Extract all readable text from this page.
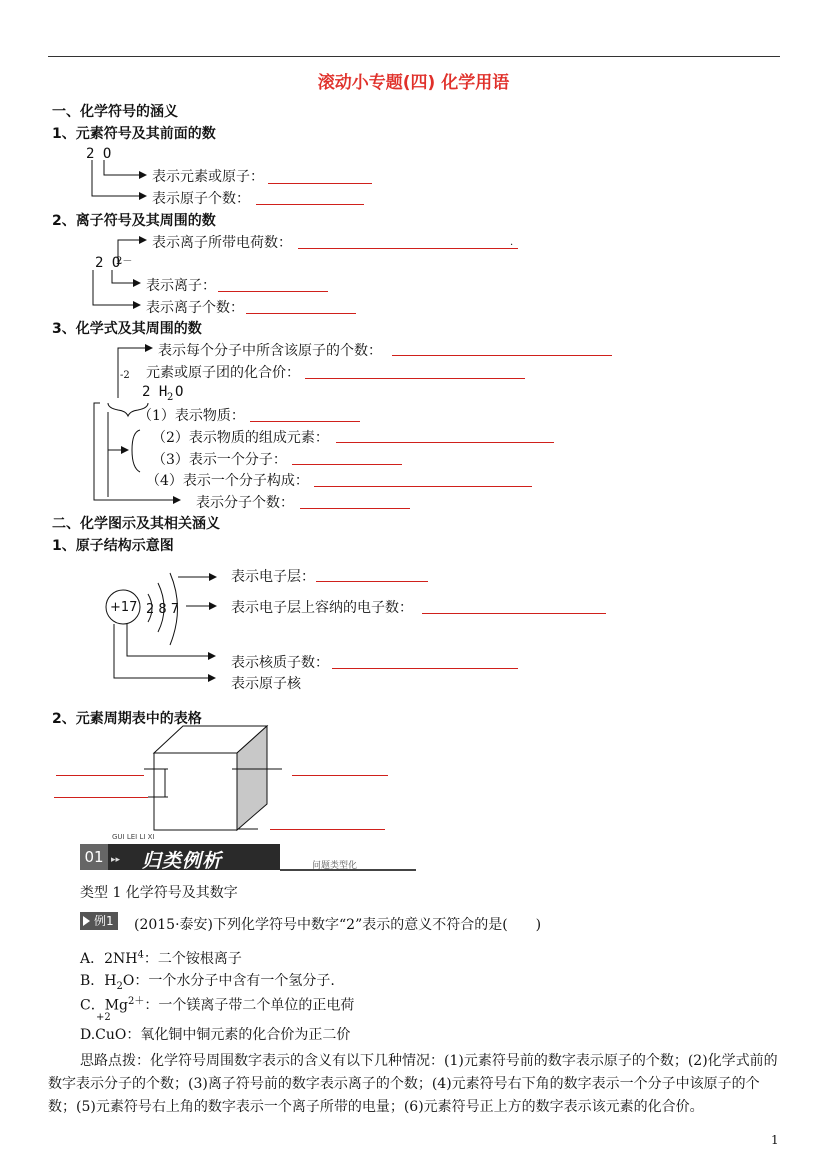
滚动小专题(四) 化学用语
一、化学符号的涵义
1、元素符号及其前面的数
2 O
表示元素或原子：
表示原子个数：
2、离子符号及其周围的数
表示离子所带电荷数：	.
2 O
2－
表示离子：
表示离子个数：
3、化学式及其周围的数
表示每个分子中所含该原子的个数：
-2 元素或原子团的化合价：
2 H 2 O
（1）表示物质：
（2）表示物质的组成元素：
（3）表示一个分子：
（4）表示一个分子构成：
表示分子个数：
二、化学图示及其相关涵义
1、原子结构示意图
+17 2 8 7
表示电子层：
表示电子层上容纳的电子数：
表示核质子数：
表示原子核
2、元素周期表中的表格
GUI LEI LI XI
01 ▸▸ 归类例析	问题类型化
类型 1 化学符号及其数字
例1 (2015·泰安)下列化学符号中数字“2”表示的意义不符合的是(　　)
A．$2NH^4$：二个铵根离子
B．$H_2O$：一个水分子中含有一个氢分子.
C．$Mg^{2+}$：一个镁离子带二个单位的正电荷
+2
D.CuO：氧化铜中铜元素的化合价为正二价
思路点拨：化学符号周围数字表示的含义有以下几种情况：(1)元素符号前的数字表示原子的个数；(2)化学式前的数字表示分子的个数；(3)离子符号前的数字表示离子的个数；(4)元素符号右下角的数字表示一个分子中该原子的个数；(5)元素符号右上角的数字表示一个离子所带的电量；(6)元素符号正上方的数字表示该元素的化合价。
1
